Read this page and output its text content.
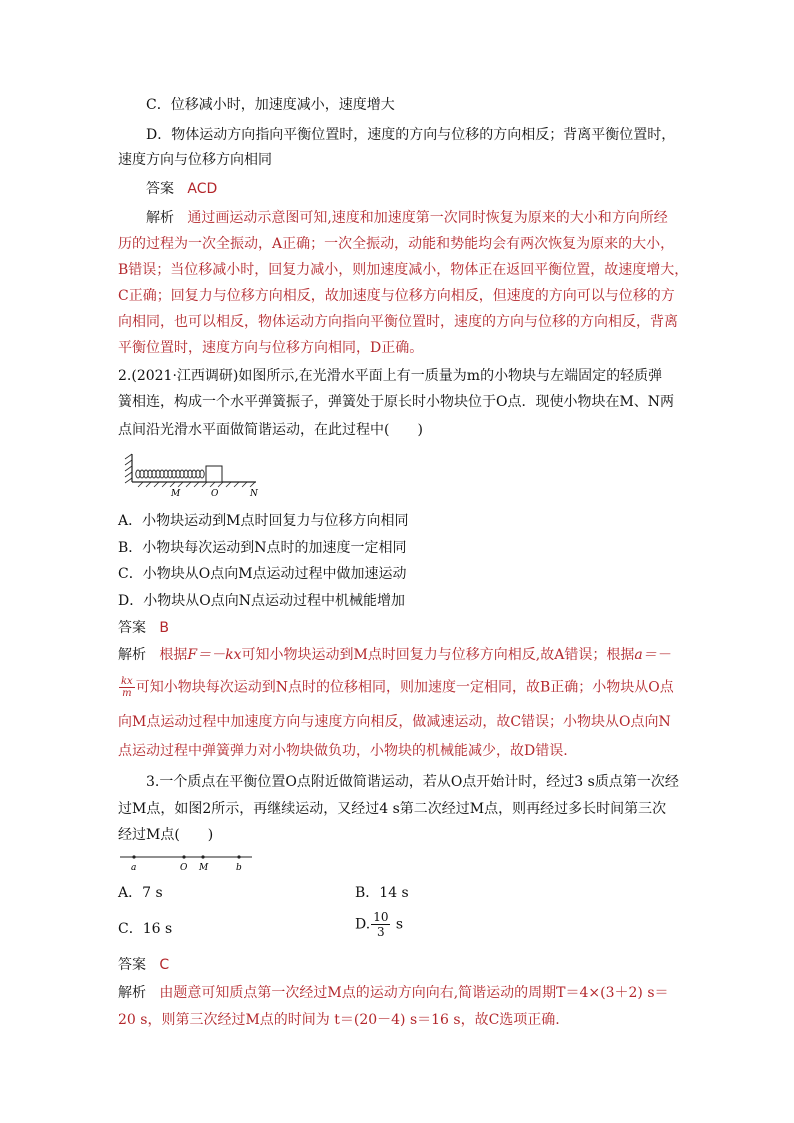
C．位移减小时，加速度减小，速度增大
D．物体运动方向指向平衡位置时，速度的方向与位移的方向相反；背离平衡位置时，
速度方向与位移方向相同
答案 ACD
解析 通过画运动示意图可知,速度和加速度第一次同时恢复为原来的大小和方向所经
历的过程为一次全振动，A正确；一次全振动，动能和势能均会有两次恢复为原来的大小，
B错误；当位移减小时，回复力减小，则加速度减小，物体正在返回平衡位置，故速度增大，
C正确；回复力与位移方向相反，故加速度与位移方向相反，但速度的方向可以与位移的方
向相同，也可以相反，物体运动方向指向平衡位置时，速度的方向与位移的方向相反，背离
平衡位置时，速度方向与位移方向相同，D正确。
2.(2021·江西调研)如图所示,在光滑水平面上有一质量为m的小物块与左端固定的轻质弹
簧相连，构成一个水平弹簧振子，弹簧处于原长时小物块位于O点．现使小物块在M、N两
点间沿光滑水平面做简谐运动，在此过程中(　　)
M	O	N
A．小物块运动到M点时回复力与位移方向相同
B．小物块每次运动到N点时的加速度一定相同
C．小物块从O点向M点运动过程中做加速运动
D．小物块从O点向N点运动过程中机械能增加
答案 B
解析 根据F＝－kx可知小物块运动到M点时回复力与位移方向相反,故A错误；根据a＝－
$\frac{kx}{m}$ 可知小物块每次运动到N点时的位移相同，则加速度一定相同，故B正确；小物块从O点
向M点运动过程中加速度方向与速度方向相反，做减速运动，故C错误；小物块从O点向N
点运动过程中弹簧弹力对小物块做负功，小物块的机械能减少，故D错误.
3.一个质点在平衡位置O点附近做简谐运动，若从O点开始计时，经过3 s质点第一次经
过M点，如图2所示，再继续运动，又经过4 s第二次经过M点，则再经过多长时间第三次
经过M点(　　)
a	O M	b
A．7 s	B．14 s
C．16 s	D. $\frac{10}{3}$ s
答案 C
解析 由题意可知质点第一次经过M点的运动方向向右,简谐运动的周期T＝4×(3＋2) s＝
20 s，则第三次经过M点的时间为 t＝(20－4) s＝16 s，故C选项正确.
